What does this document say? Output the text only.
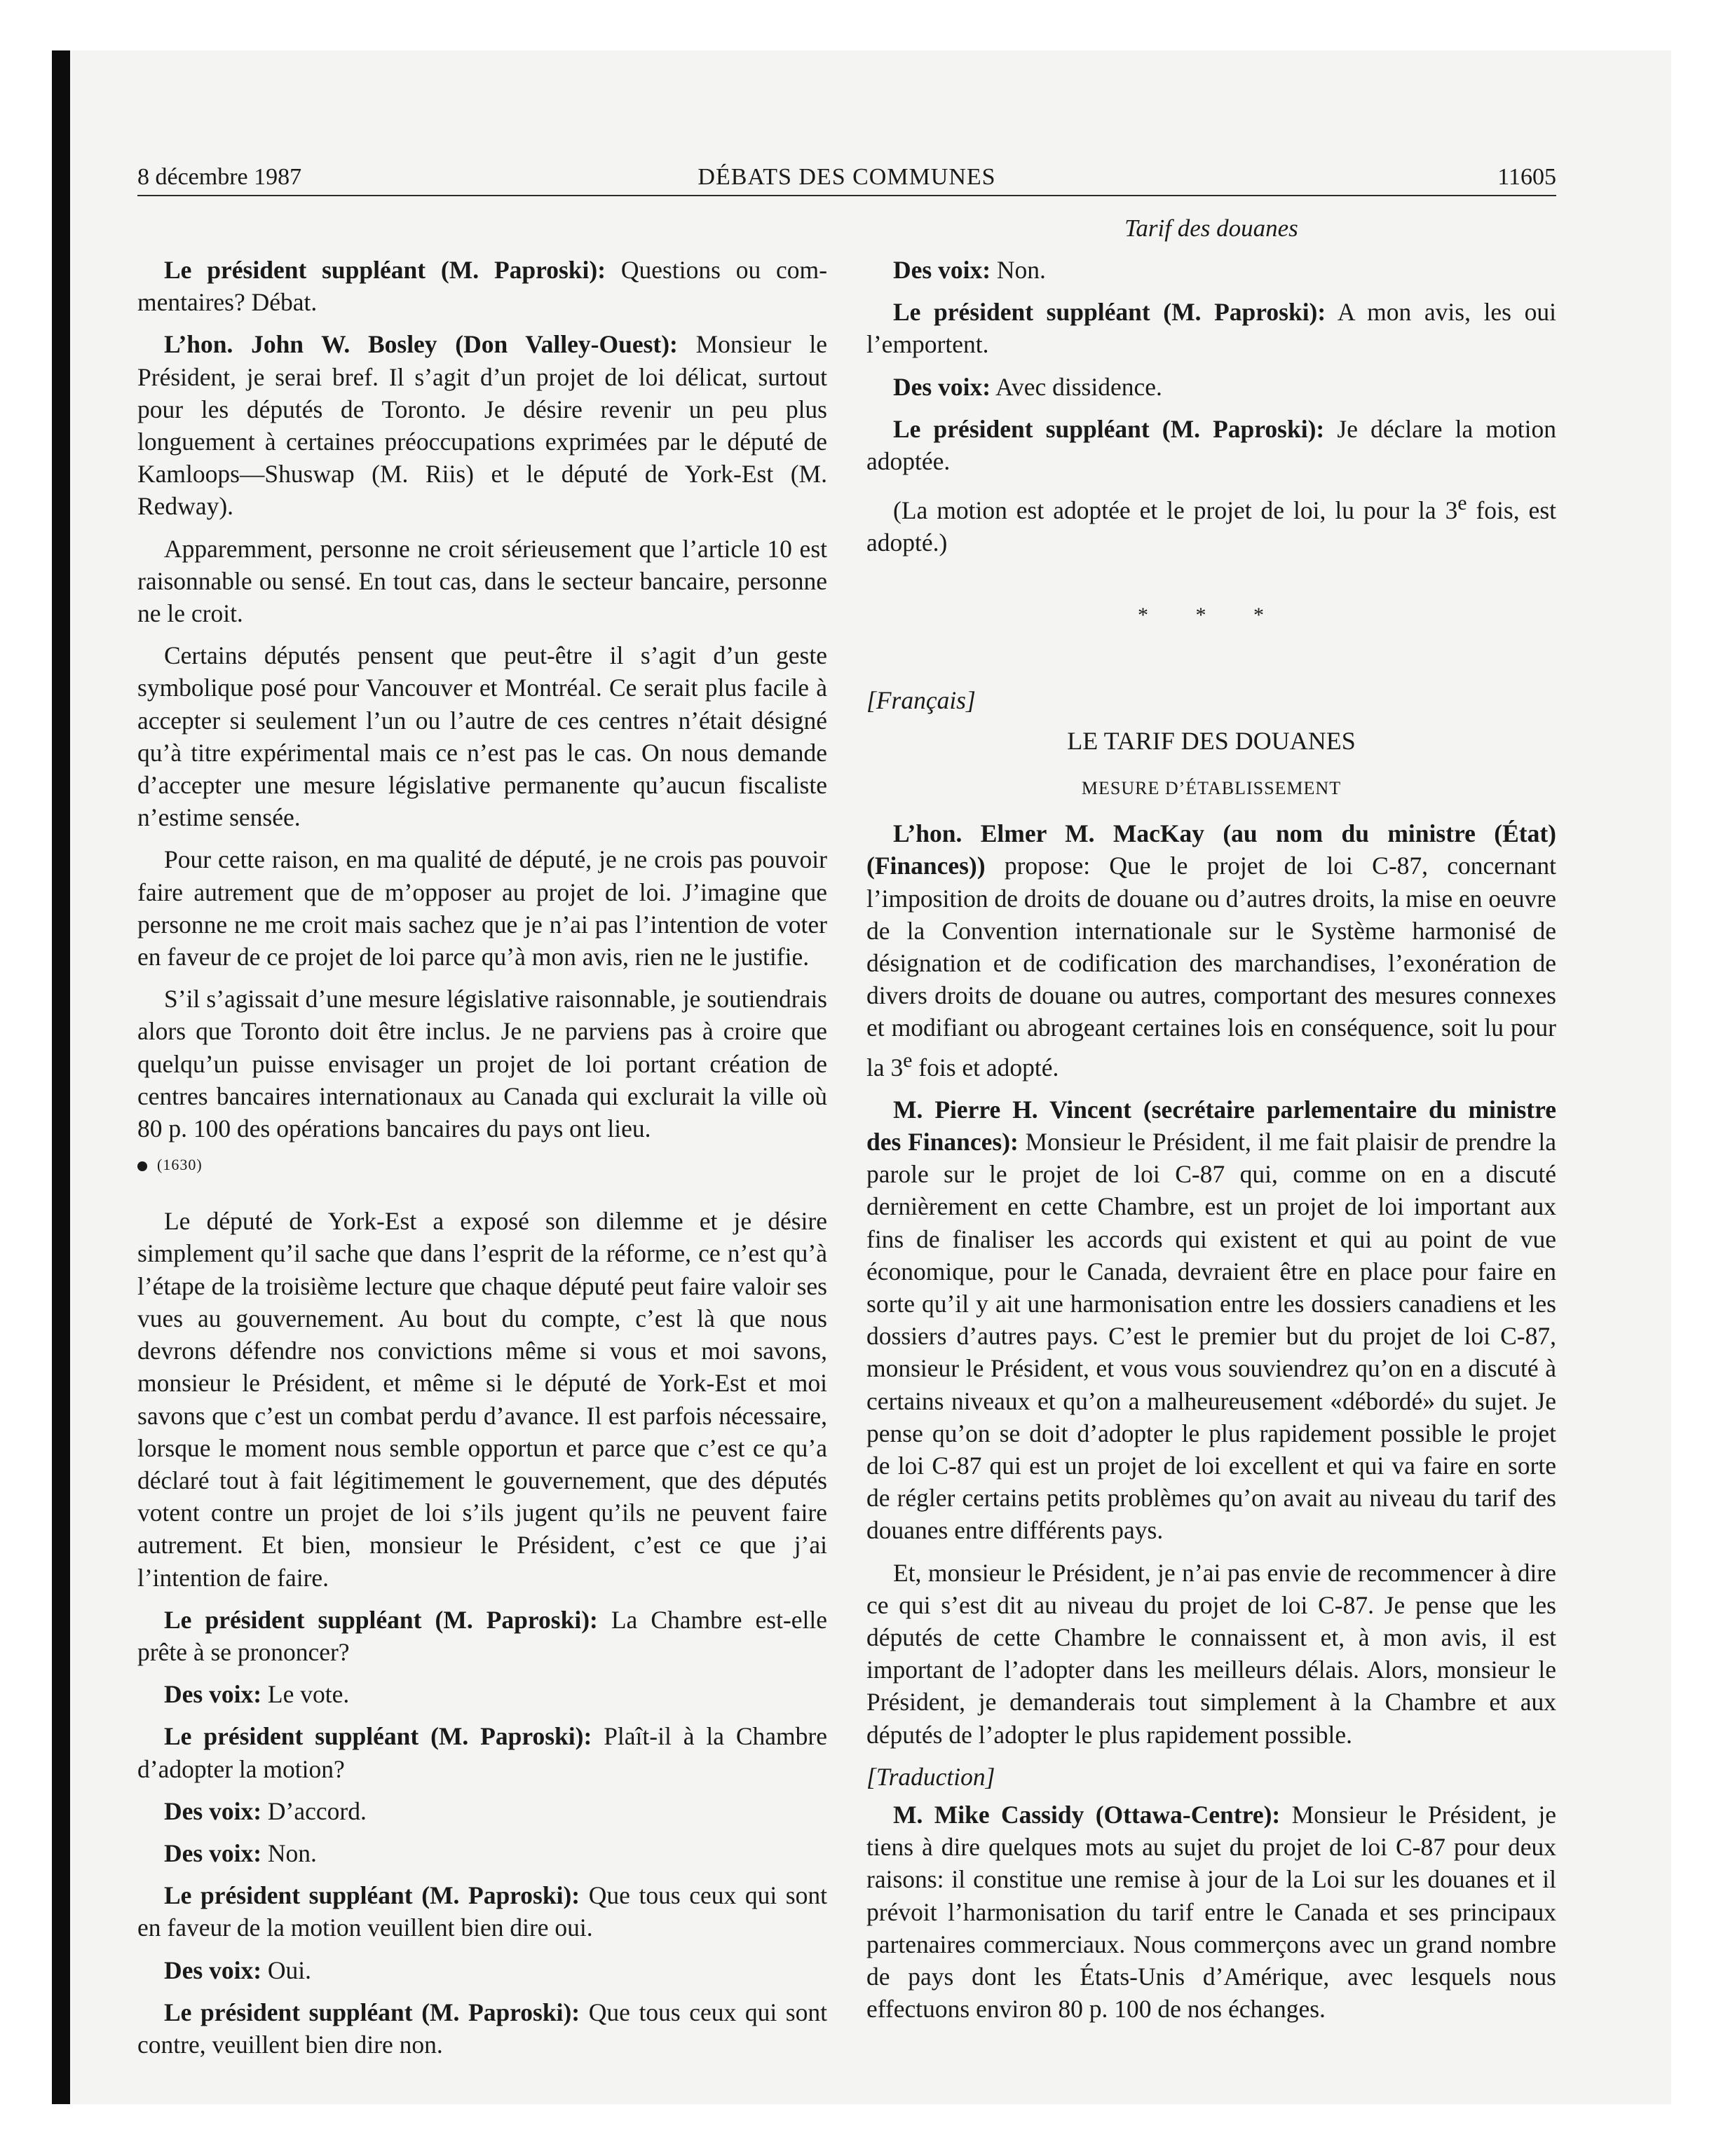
8 décembre 1987	DÉBATS DES COMMUNES	11605
Tarif des douanes

Le président suppléant (M. Paproski): Questions ou commentaires? Débat.

L’hon. John W. Bosley (Don Valley-Ouest): Monsieur le Président, je serai bref. Il s’agit d’un projet de loi délicat, surtout pour les députés de Toronto. Je désire revenir un peu plus longuement à certaines préoccupations exprimées par le député de Kamloops—Shuswap (M. Riis) et le député de York-Est (M. Redway).

Apparemment, personne ne croit sérieusement que l’article 10 est raisonnable ou sensé. En tout cas, dans le secteur bancaire, personne ne le croit.

Certains députés pensent que peut-être il s’agit d’un geste symbolique posé pour Vancouver et Montréal. Ce serait plus facile à accepter si seulement l’un ou l’autre de ces centres n’était désigné qu’à titre expérimental mais ce n’est pas le cas. On nous demande d’accepter une mesure législative permanente qu’aucun fiscaliste n’estime sensée.

Pour cette raison, en ma qualité de député, je ne crois pas pouvoir faire autrement que de m’opposer au projet de loi. J’imagine que personne ne me croit mais sachez que je n’ai pas l’intention de voter en faveur de ce projet de loi parce qu’à mon avis, rien ne le justifie.

S’il s’agissait d’une mesure législative raisonnable, je soutiendrais alors que Toronto doit être inclus. Je ne parviens pas à croire que quelqu’un puisse envisager un projet de loi portant création de centres bancaires internationaux au Canada qui exclurait la ville où 80 p. 100 des opérations bancaires du pays ont lieu.

(1630)

Le député de York-Est a exposé son dilemme et je désire simplement qu’il sache que dans l’esprit de la réforme, ce n’est qu’à l’étape de la troisième lecture que chaque député peut faire valoir ses vues au gouvernement. Au bout du compte, c’est là que nous devrons défendre nos convictions même si vous et moi savons, monsieur le Président, et même si le député de York-Est et moi savons que c’est un combat perdu d’avance. Il est parfois nécessaire, lorsque le moment nous semble opportun et parce que c’est ce qu’a déclaré tout à fait légitimement le gouvernement, que des députés votent contre un projet de loi s’ils jugent qu’ils ne peuvent faire autrement. Et bien, monsieur le Président, c’est ce que j’ai l’intention de faire.

Le président suppléant (M. Paproski): La Chambre est-elle prête à se prononcer?

Des voix: Le vote.

Le président suppléant (M. Paproski): Plaît-il à la Chambre d’adopter la motion?

Des voix: D’accord.

Des voix: Non.

Le président suppléant (M. Paproski): Que tous ceux qui sont en faveur de la motion veuillent bien dire oui.

Des voix: Oui.

Le président suppléant (M. Paproski): Que tous ceux qui sont contre, veuillent bien dire non.

Des voix: Non.

Le président suppléant (M. Paproski): A mon avis, les oui l’emportent.

Des voix: Avec dissidence.

Le président suppléant (M. Paproski): Je déclare la motion adoptée.

(La motion est adoptée et le projet de loi, lu pour la 3e fois, est adopté.)

* * *
[Français]
LE TARIF DES DOUANES
MESURE D’ÉTABLISSEMENT

L’hon. Elmer M. MacKay (au nom du ministre (État) (Finances)) propose: Que le projet de loi C-87, concernant l’imposition de droits de douane ou d’autres droits, la mise en oeuvre de la Convention internationale sur le Système harmonisé de désignation et de codification des marchandises, l’exonération de divers droits de douane ou autres, comportant des mesures connexes et modifiant ou abrogeant certaines lois en conséquence, soit lu pour la 3e fois et adopté.

M. Pierre H. Vincent (secrétaire parlementaire du ministre des Finances): Monsieur le Président, il me fait plaisir de prendre la parole sur le projet de loi C-87 qui, comme on en a discuté dernièrement en cette Chambre, est un projet de loi important aux fins de finaliser les accords qui existent et qui au point de vue économique, pour le Canada, devraient être en place pour faire en sorte qu’il y ait une harmonisation entre les dossiers canadiens et les dossiers d’autres pays. C’est le premier but du projet de loi C-87, monsieur le Président, et vous vous souviendrez qu’on en a discuté à certains niveaux et qu’on a malheureusement «débordé» du sujet. Je pense qu’on se doit d’adopter le plus rapidement possible le projet de loi C-87 qui est un projet de loi excellent et qui va faire en sorte de régler certains petits problèmes qu’on avait au niveau du tarif des douanes entre différents pays.

Et, monsieur le Président, je n’ai pas envie de recommencer à dire ce qui s’est dit au niveau du projet de loi C-87. Je pense que les députés de cette Chambre le connaissent et, à mon avis, il est important de l’adopter dans les meilleurs délais. Alors, monsieur le Président, je demanderais tout simplement à la Chambre et aux députés de l’adopter le plus rapidement possible.

[Traduction]

M. Mike Cassidy (Ottawa-Centre): Monsieur le Président, je tiens à dire quelques mots au sujet du projet de loi C-87 pour deux raisons: il constitue une remise à jour de la Loi sur les douanes et il prévoit l’harmonisation du tarif entre le Canada et ses principaux partenaires commerciaux. Nous commerçons avec un grand nombre de pays dont les États-Unis d’Amérique, avec lesquels nous effectuons environ 80 p. 100 de nos échanges.
